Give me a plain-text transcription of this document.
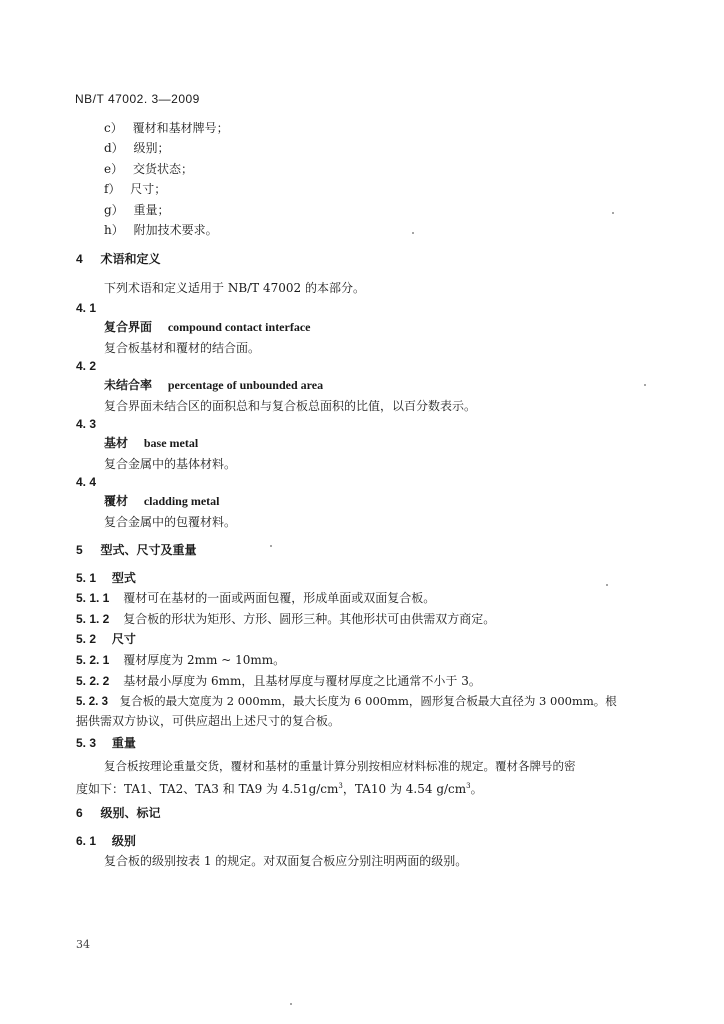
NB/T 47002. 3—2009
c） 覆材和基材牌号；
d） 级别；
e） 交货状态；
f） 尺寸；
g） 重量；
h） 附加技术要求。
4 术语和定义
下列术语和定义适用于 NB/T 47002 的本部分。
4. 1
复合界面 compound contact interface
复合板基材和覆材的结合面。
4. 2
未结合率 percentage of unbounded area
复合界面未结合区的面积总和与复合板总面积的比值，以百分数表示。
4. 3
基材 base metal
复合金属中的基体材料。
4. 4
覆材 cladding metal
复合金属中的包覆材料。
5 型式、尺寸及重量
5. 1 型式
5. 1. 1 覆材可在基材的一面或两面包覆，形成单面或双面复合板。
5. 1. 2 复合板的形状为矩形、方形、圆形三种。其他形状可由供需双方商定。
5. 2 尺寸
5. 2. 1 覆材厚度为 2mm ~ 10mm。
5. 2. 2 基材最小厚度为 6mm，且基材厚度与覆材厚度之比通常不小于 3。
5. 2. 3 复合板的最大宽度为 2 000mm，最大长度为 6 000mm，圆形复合板最大直径为 3 000mm。根
据供需双方协议，可供应超出上述尺寸的复合板。
5. 3 重量
复合板按理论重量交货，覆材和基材的重量计算分别按相应材料标准的规定。覆材各牌号的密
度如下：TA1、TA2、TA3 和 TA9 为 $4.51g/cm^3$，TA10 为 4.54 $g/cm^3$。
6 级别、标记
6. 1 级别
复合板的级别按表 1 的规定。对双面复合板应分别注明两面的级别。
34
